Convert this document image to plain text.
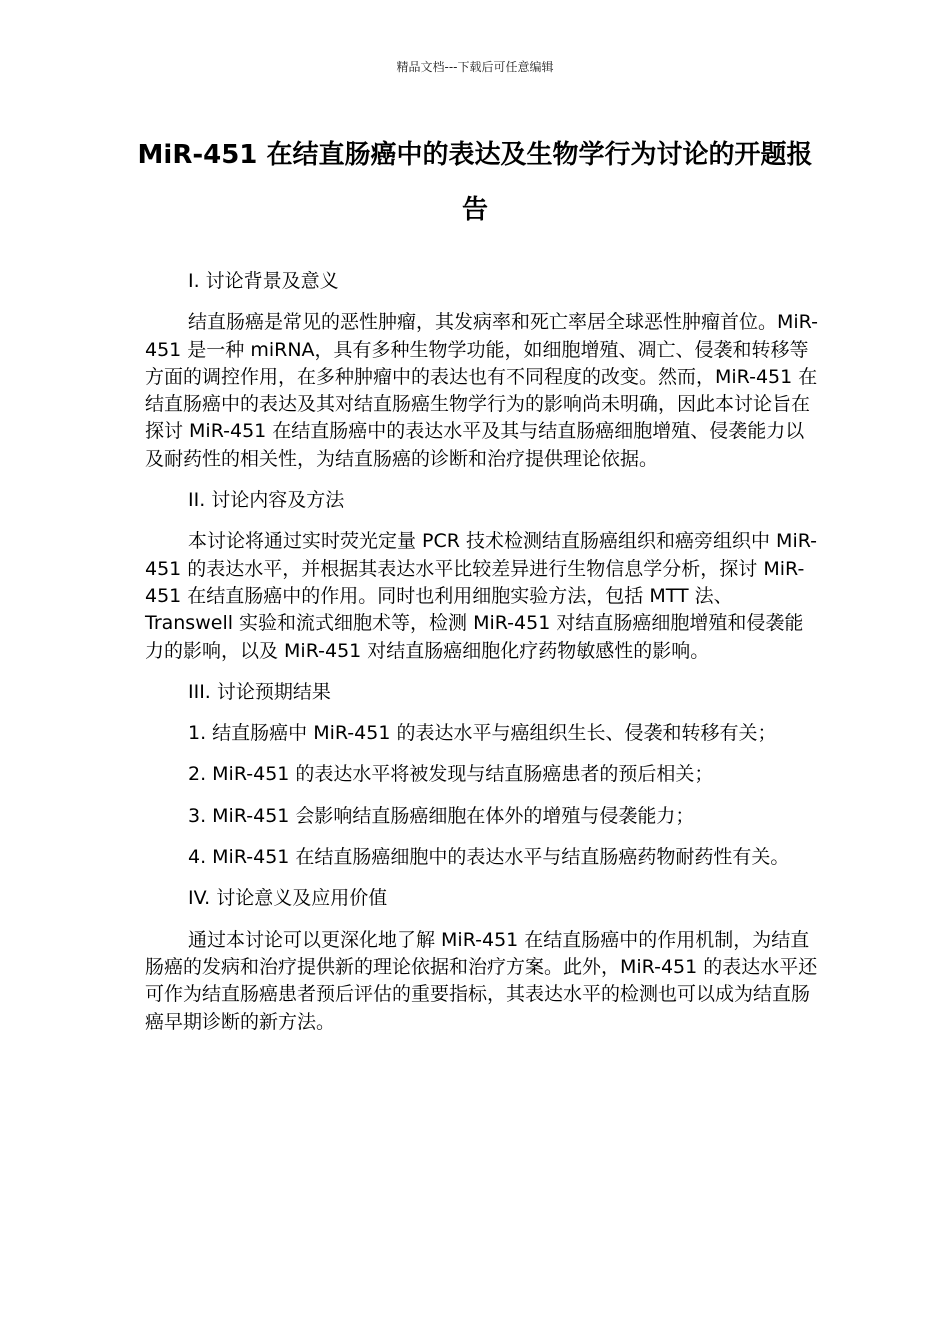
精品文档---下载后可任意编辑
MiR-451 在结直肠癌中的表达及生物学行为讨论的开题报告

I. 讨论背景及意义

结直肠癌是常见的恶性肿瘤，其发病率和死亡率居全球恶性肿瘤首位。MiR-451 是一种 miRNA，具有多种生物学功能，如细胞增殖、凋亡、侵袭和转移等方面的调控作用，在多种肿瘤中的表达也有不同程度的改变。然而，MiR-451 在结直肠癌中的表达及其对结直肠癌生物学行为的影响尚未明确，因此本讨论旨在探讨 MiR-451 在结直肠癌中的表达水平及其与结直肠癌细胞增殖、侵袭能力以及耐药性的相关性，为结直肠癌的诊断和治疗提供理论依据。

II. 讨论内容及方法

本讨论将通过实时荧光定量 PCR 技术检测结直肠癌组织和癌旁组织中 MiR-451 的表达水平，并根据其表达水平比较差异进行生物信息学分析，探讨 MiR-451 在结直肠癌中的作用。同时也利用细胞实验方法，包括 MTT 法、Transwell 实验和流式细胞术等，检测 MiR-451 对结直肠癌细胞增殖和侵袭能力的影响，以及 MiR-451 对结直肠癌细胞化疗药物敏感性的影响。

III. 讨论预期结果

1. 结直肠癌中 MiR-451 的表达水平与癌组织生长、侵袭和转移有关；

2. MiR-451 的表达水平将被发现与结直肠癌患者的预后相关；

3. MiR-451 会影响结直肠癌细胞在体外的增殖与侵袭能力；

4. MiR-451 在结直肠癌细胞中的表达水平与结直肠癌药物耐药性有关。

IV. 讨论意义及应用价值

通过本讨论可以更深化地了解 MiR-451 在结直肠癌中的作用机制，为结直肠癌的发病和治疗提供新的理论依据和治疗方案。此外，MiR-451 的表达水平还可作为结直肠癌患者预后评估的重要指标，其表达水平的检测也可以成为结直肠癌早期诊断的新方法。
